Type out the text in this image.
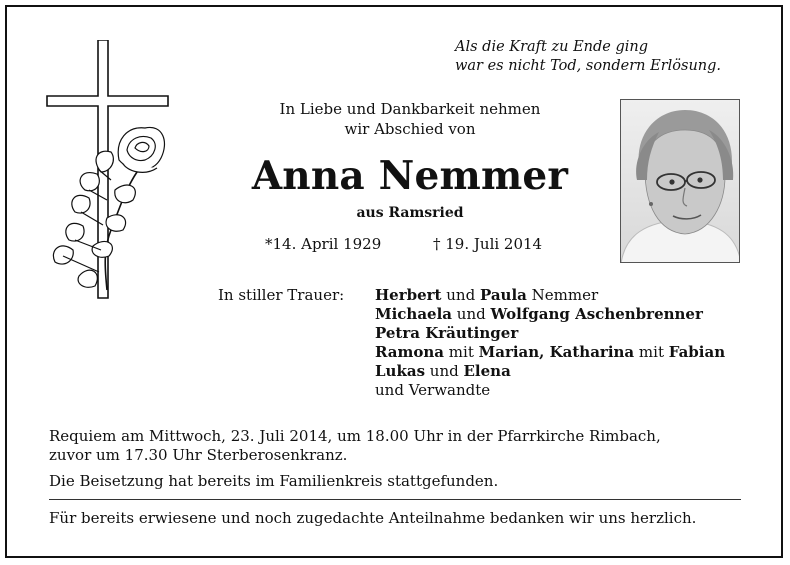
Als die Kraft zu Ende ging
war es nicht Tod, sondern Erlösung.
In Liebe und Dankbarkeit nehmen
wir Abschied von
Anna Nemmer
aus Ramsried
*14. April 1929	† 19. Juli 2014
In stiller Trauer: Herbert und Paula Nemmer
Michaela und Wolfgang Aschenbrenner
Petra Kräutinger
Ramona mit Marian, Katharina mit Fabian
Lukas und Elena
und Verwandte
Requiem am Mittwoch, 23. Juli 2014, um 18.00 Uhr in der Pfarrkirche Rimbach,
zuvor um 17.30 Uhr Sterberosenkranz.
Die Beisetzung hat bereits im Familienkreis stattgefunden.
Für bereits erwiesene und noch zugedachte Anteilnahme bedanken wir uns herzlich.
